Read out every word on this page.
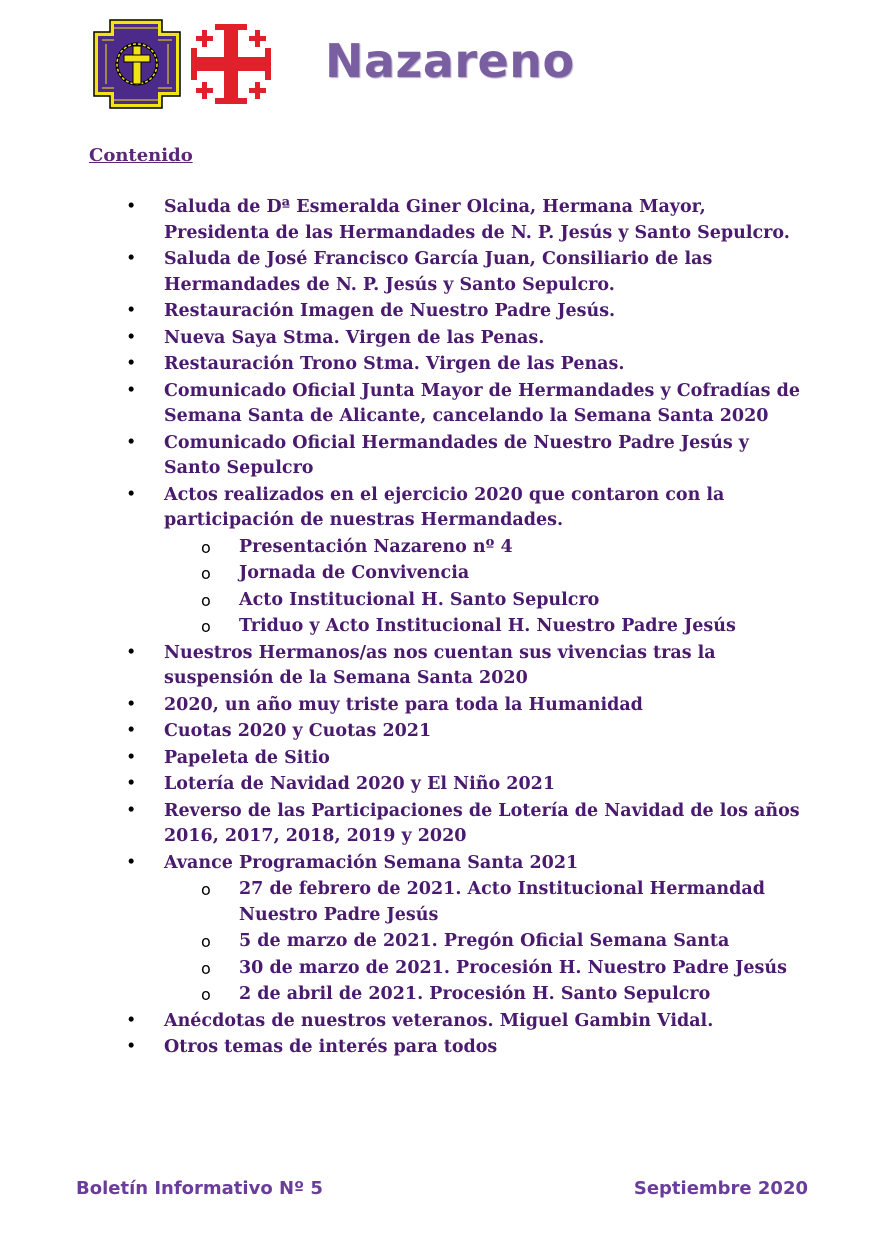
Nazareno
Contenido
• Saluda de Dª Esmeralda Giner Olcina, Hermana Mayor, Presidenta de las Hermandades de N. P. Jesús y Santo Sepulcro.
• Saluda de José Francisco García Juan, Consiliario de las Hermandades de N. P. Jesús y Santo Sepulcro.
• Restauración Imagen de Nuestro Padre Jesús.
• Nueva Saya Stma. Virgen de las Penas.
• Restauración Trono Stma. Virgen de las Penas.
• Comunicado Oficial Junta Mayor de Hermandades y Cofradías de Semana Santa de Alicante, cancelando la Semana Santa 2020
• Comunicado Oficial Hermandades de Nuestro Padre Jesús y Santo Sepulcro
• Actos realizados en el ejercicio 2020 que contaron con la participación de nuestras Hermandades.
o Presentación Nazareno nº 4
o Jornada de Convivencia
o Acto Institucional H. Santo Sepulcro
o Triduo y Acto Institucional H. Nuestro Padre Jesús
• Nuestros Hermanos/as nos cuentan sus vivencias tras la suspensión de la Semana Santa 2020
• 2020, un año muy triste para toda la Humanidad
• Cuotas 2020 y Cuotas 2021
• Papeleta de Sitio
• Lotería de Navidad 2020 y El Niño 2021
• Reverso de las Participaciones de Lotería de Navidad de los años 2016, 2017, 2018, 2019 y 2020
• Avance Programación Semana Santa 2021
o 27 de febrero de 2021. Acto Institucional Hermandad Nuestro Padre Jesús
o 5 de marzo de 2021. Pregón Oficial Semana Santa
o 30 de marzo de 2021. Procesión H. Nuestro Padre Jesús
o 2 de abril de 2021. Procesión H. Santo Sepulcro
• Anécdotas de nuestros veteranos. Miguel Gambin Vidal.
• Otros temas de interés para todos
Boletín Informativo Nº 5	Septiembre 2020
